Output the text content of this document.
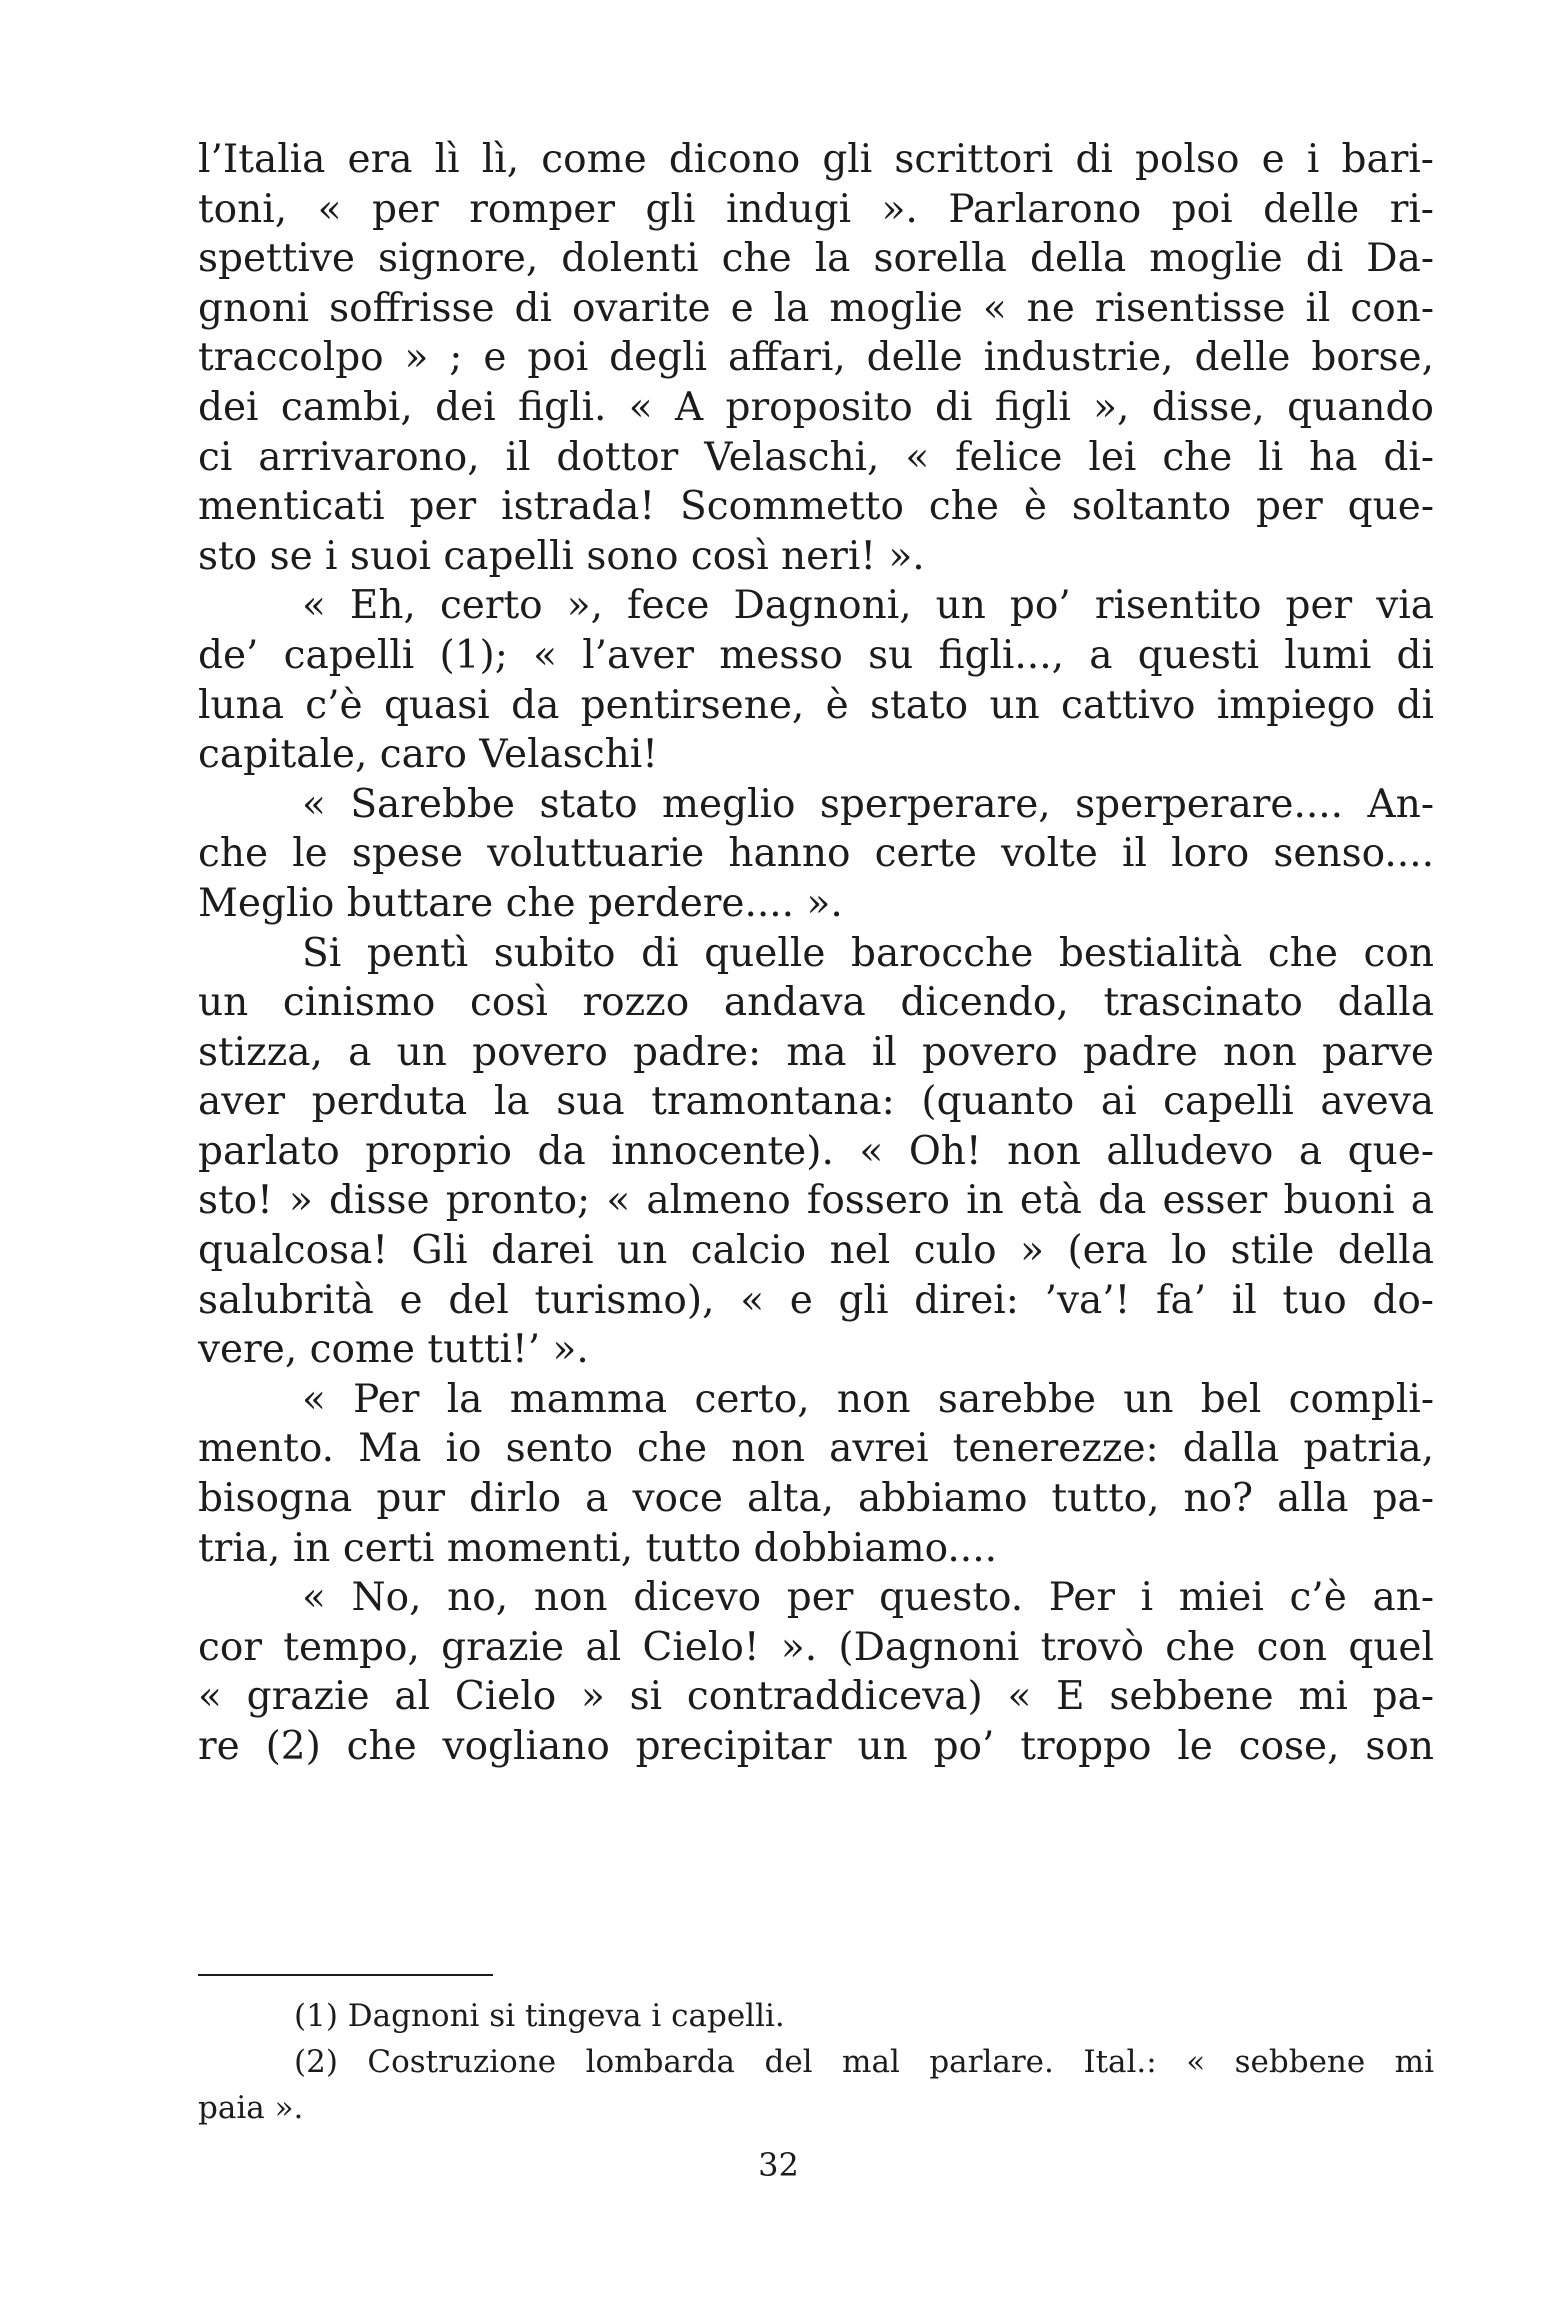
l’Italia era lì lì, come dicono gli scrittori di polso e i bari-
toni, « per romper gli indugi ». Parlarono poi delle ri-
spettive signore, dolenti che la sorella della moglie di Da-
gnoni soffrisse di ovarite e la moglie « ne risentisse il con-
traccolpo » ; e poi degli affari, delle industrie, delle borse,
dei cambi, dei figli. « A proposito di figli », disse, quando
ci arrivarono, il dottor Velaschi, « felice lei che li ha di-
menticati per istrada! Scommetto che è soltanto per que-
sto se i suoi capelli sono così neri! ».
« Eh, certo », fece Dagnoni, un po’ risentito per via
de’ capelli (1); « l’aver messo su figli..., a questi lumi di
luna c’è quasi da pentirsene, è stato un cattivo impiego di
capitale, caro Velaschi!
« Sarebbe stato meglio sperperare, sperperare.... An-
che le spese voluttuarie hanno certe volte il loro senso....
Meglio buttare che perdere.... ».
Si pentì subito di quelle barocche bestialità che con
un cinismo così rozzo andava dicendo, trascinato dalla
stizza, a un povero padre: ma il povero padre non parve
aver perduta la sua tramontana: (quanto ai capelli aveva
parlato proprio da innocente). « Oh! non alludevo a que-
sto! » disse pronto; « almeno fossero in età da esser buoni a
qualcosa! Gli darei un calcio nel culo » (era lo stile della
salubrità e del turismo), « e gli direi: ’va’! fa’ il tuo do-
vere, come tutti!’ ».
« Per la mamma certo, non sarebbe un bel compli-
mento. Ma io sento che non avrei tenerezze: dalla patria,
bisogna pur dirlo a voce alta, abbiamo tutto, no? alla pa-
tria, in certi momenti, tutto dobbiamo....
« No, no, non dicevo per questo. Per i miei c’è an-
cor tempo, grazie al Cielo! ». (Dagnoni trovò che con quel
« grazie al Cielo » si contraddiceva) « E sebbene mi pa-
re (2) che vogliano precipitar un po’ troppo le cose, son
(1) Dagnoni si tingeva i capelli.
(2) Costruzione lombarda del mal parlare. Ital.: « sebbene mi
paia ».
32
